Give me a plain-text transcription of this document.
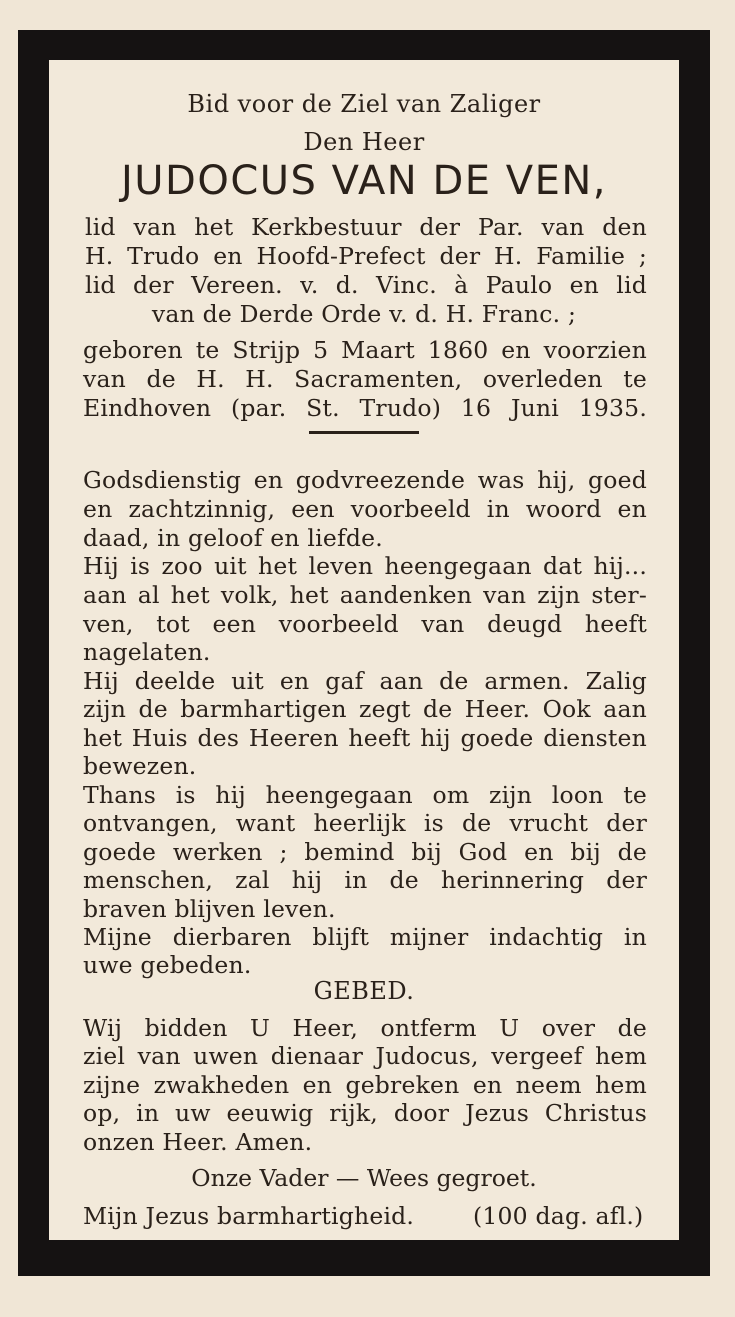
Bid voor de Ziel van Zaliger
Den Heer
JUDOCUS VAN DE VEN,
lid van het Kerkbestuur der Par. van den
H. Trudo en Hoofd-Prefect der H. Familie ;
lid der Vereen. v. d. Vinc. à Paulo en lid
van de Derde Orde v. d. H. Franc. ;
geboren te Strijp 5 Maart 1860 en voorzien
van de H. H. Sacramenten, overleden te
Eindhoven (par. St. Trudo) 16 Juni 1935.
Godsdienstig en godvreezende was hij, goed
en zachtzinnig, een voorbeeld in woord en
daad, in geloof en liefde.
Hij is zoo uit het leven heengegaan dat hij...
aan al het volk, het aandenken van zijn ster-
ven, tot een voorbeeld van deugd heeft
nagelaten.
Hij deelde uit en gaf aan de armen. Zalig
zijn de barmhartigen zegt de Heer. Ook aan
het Huis des Heeren heeft hij goede diensten
bewezen.
Thans is hij heengegaan om zijn loon te
ontvangen, want heerlijk is de vrucht der
goede werken ; bemind bij God en bij de
menschen, zal hij in de herinnering der
braven blijven leven.
Mijne dierbaren blijft mijner indachtig in
uwe gebeden.
GEBED.
Wij bidden U Heer, ontferm U over de
ziel van uwen dienaar Judocus, vergeef hem
zijne zwakheden en gebreken en neem hem
op, in uw eeuwig rijk, door Jezus Christus
onzen Heer. Amen.
Onze Vader — Wees gegroet.
Mijn Jezus barmhartigheid.	(100 dag. afl.)
